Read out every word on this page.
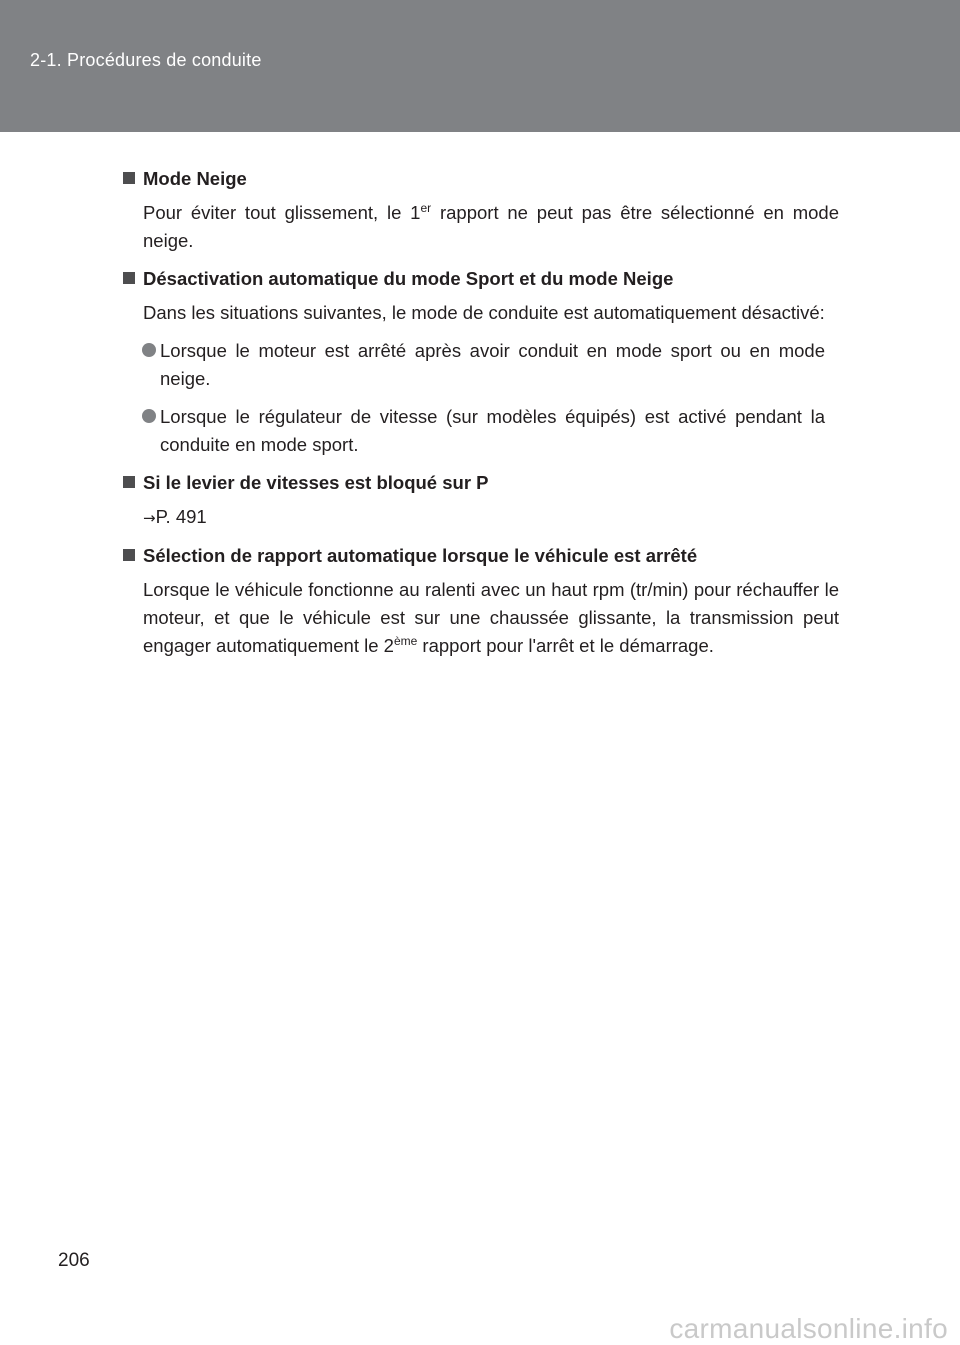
2-1. Procédures de conduite
Mode Neige
Pour éviter tout glissement, le 1er rapport ne peut pas être sélectionné en mode neige.
Désactivation automatique du mode Sport et du mode Neige
Dans les situations suivantes, le mode de conduite est automatiquement désactivé:
Lorsque le moteur est arrêté après avoir conduit en mode sport ou en mode neige.
Lorsque le régulateur de vitesse (sur modèles équipés) est activé pendant la conduite en mode sport.
Si le levier de vitesses est bloqué sur P
→P. 491
Sélection de rapport automatique lorsque le véhicule est arrêté
Lorsque le véhicule fonctionne au ralenti avec un haut rpm (tr/min) pour réchauffer le moteur, et que le véhicule est sur une chaussée glissante, la transmission peut engager automatiquement le 2ème rapport pour l'arrêt et le démarrage.
206
carmanualsonline.info
